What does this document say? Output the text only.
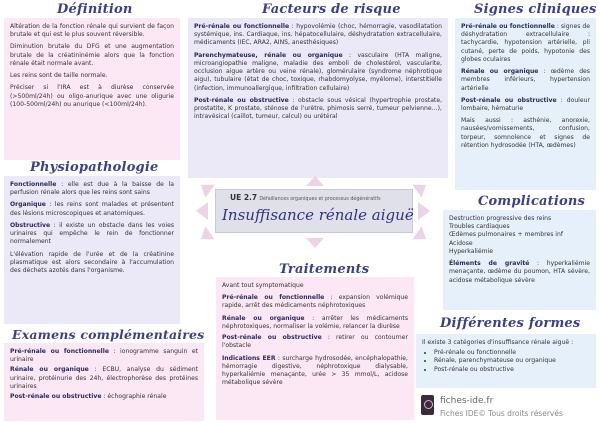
Définition

Altération de la fonction rénale qui survient de façon brutale et qui est le plus souvent réversible.

Diminution brutale du DFG et une augmentation brutale de la créatininémie alors que la fonction rénale était normale avant.

Les reins sont de taille normale.

Préciser si l'IRA est à diurèse conservée (>500ml/24h) ou oligo-anurique avec une oligurie (100-500ml/24h) ou anurique (<100ml/24h).

Facteurs de risque

Pré-rénale ou fonctionnelle : hypovolémie (choc, hémorragie, vasodilatation systémique, ins. Cardiaque, ins. hépatocellulaire, déshydratation extracellulaire, médicaments (IEC, ARA2, AINS, anesthésiques)

Parenchymateuse, rénale ou organique : vasculaire (HTA maligne, microangiopathie maligne, maladie des emboli de cholestérol, vascularite, occlusion aigue artère ou veine rénale), glomérulaire (syndrome néphrotique aigu), tubulaire (état de choc, toxique, rhabdomyolyse, myélome), interstitielle (infection, immunoallergique, infiltration cellulaire)

Post-rénale ou obstructive : obstacle sous vésical (hypertrophie prostate, prostatite, K prostate, sténose de l'urètre, phimosis serré, tumeur pelvienne…), intravésical (caillot, tumeur, calcul) ou urétéral

Signes cliniques

Pré-rénale ou fonctionnelle : signes de déshydratation extracellulaire : tachycardie, hypotension artérielle, pli cutané, perte de poids, hypotonie des globes oculaires

Rénale ou organique : œdème des membres inférieurs, hypertension artérielle

Post-rénale ou obstructive : douleur lombaire, hématurie

Mais aussi : asthénie, anorexie, nausées/vomissements, confusion, torpeur, somnolence et signes de rétention hydrosodée (HTA, œdèmes)

Physiopathologie

Fonctionnelle : elle est due à la baisse de la perfusion rénale alors que les reins sont sains

Organique : les reins sont malades et présentent des lésions microscopiques et anatomiques.

Obstructive : il existe un obstacle dans les voies urinaires qui empêche le rein de fonctionner normalement

L'élévation rapide de l'urée et de la créatinine plasmatique est alors secondaire à l'accumulation des déchets azotés dans l'organisme.

UE 2.7 Défaillances organiques et processus dégénératifs
Insuffisance rénale aiguë
Complications
Destruction progressive des reins
Troubles cardiaques
Œdèmes pulmonaires + membres inf
Acidose
Hyperkaliémie

Éléments de gravité : hyperkaliémie menaçante, œdème du poumon, HTA sévère, acidose métabolique sévère

Traitements

Avant tout symptomatique

Pré-rénale ou fonctionnelle : expansion volémique rapide, arrêt des médicaments néphrotoxiques

Rénale ou organique : arrêter les médicaments néphrotoxiques, normaliser la volémie, relancer la diurèse

Post-rénale ou obstructive : retirer ou contourner l'obstacle

Indications EER : surcharge hydrosodée, encéphalopathie, hémorragie digestive, néphrotoxique dialysable, hyperkaliémie menaçante, urée > 35 mmol/L, acidose métabolique sévère

Examens complémentaires

Pré-rénale ou fonctionnelle : ionogramme sanguin et urinaire

Rénale ou organique : ECBU, analyse du sédiment urinaire, protéinurie des 24h, électrophorèse des protéines urinaires

Post-rénale ou obstructive : échographie rénale

Différentes formes
Il existe 3 catégories d'insuffisance rénale aiguë :
• Pré-rénale ou fonctionnelle
• Rénale, parenchymateuse ou organique
• Post-rénale ou obstructive
fiches-ide.fr
Fiches IDE© Tous droits réservés
